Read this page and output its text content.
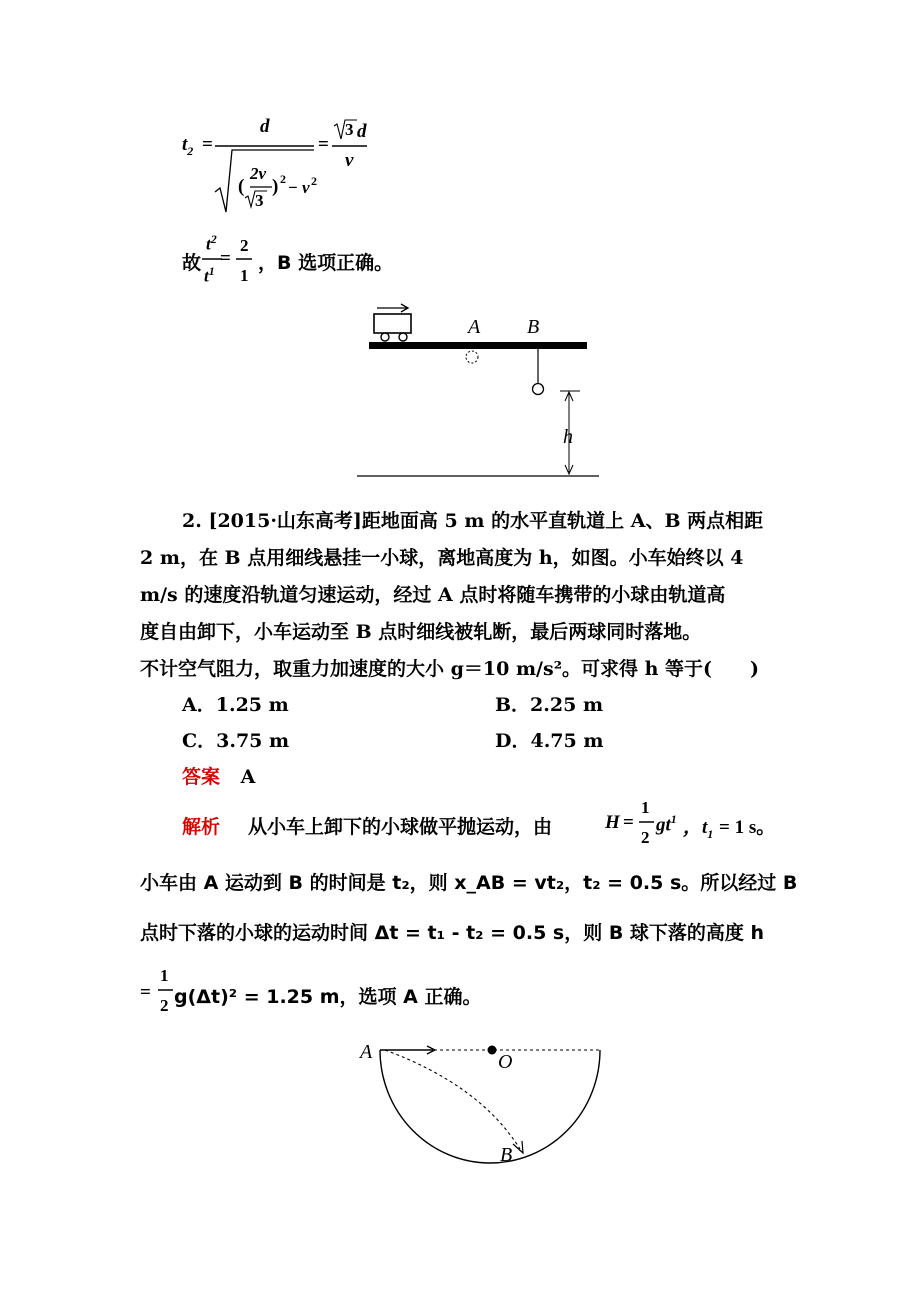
$t_2$ =
d
(
2v
3
) 2 − v 2
=
3 d
v
故
$t^2$
$t^1$
=
2
1
，B 选项正确。
A B
h
2. [2015·山东高考]距地面高 5 m 的水平直轨道上 A、B 两点相距
2 m，在 B 点用细线悬挂一小球，离地高度为 h，如图。小车始终以 4
m/s 的速度沿轨道匀速运动，经过 A 点时将随车携带的小球由轨道高
度自由卸下，小车运动至 B 点时细线被轧断，最后两球同时落地。
不计空气阻力，取重力加速度的大小 g＝10 m/s²。可求得 h 等于(　　)
A．1.25 m	B．2.25 m
C．3.75 m	D．4.75 m
答案 A
解析 从小车上卸下的小球做平抛运动，由	H =
1
2
$gt^1$ ，$t_1 = 1$ s。
小车由 A 运动到 B 的时间是 t₂，则 x_AB = vt₂，t₂ = 0.5 s。所以经过 B
点时下落的小球的运动时间 Δt = t₁ - t₂ = 0.5 s，则 B 球下落的高度 h
=
1
2 g(Δt)² = 1.25 m，选项 A 正确。
A	O
B
